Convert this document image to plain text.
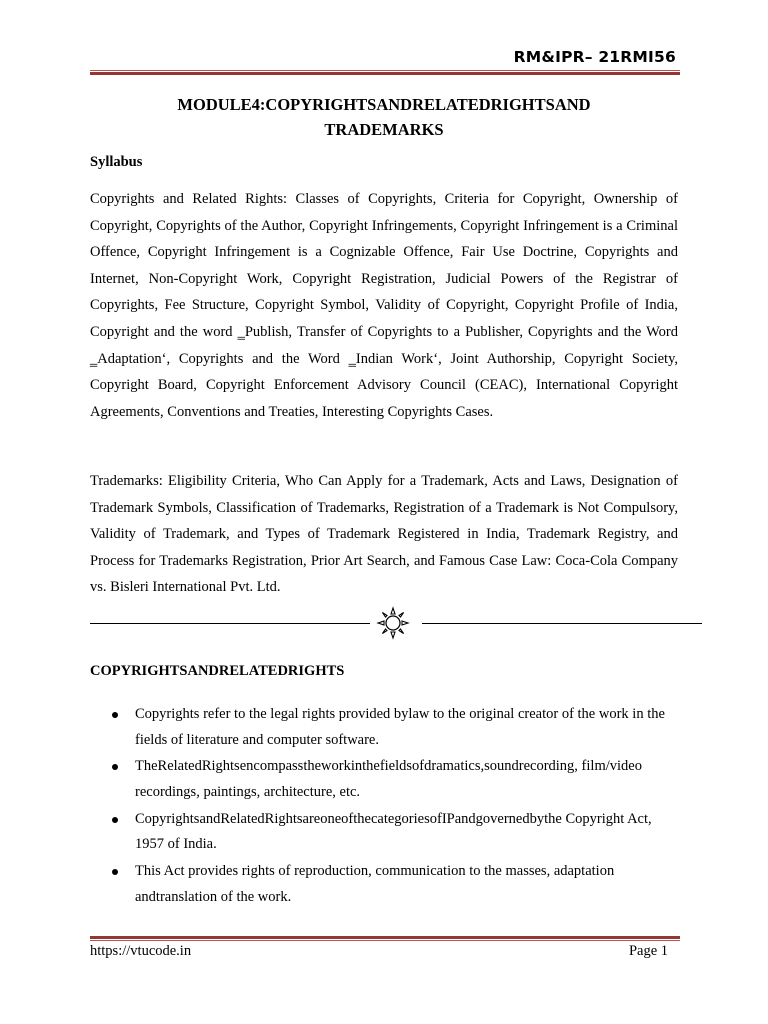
RM&IPR– 21RMI56
MODULE4:COPYRIGHTSANDRELATEDRIGHTSAND
TRADEMARKS
Syllabus
Copyrights and Related Rights: Classes of Copyrights, Criteria for Copyright, Ownership of Copyright, Copyrights of the Author, Copyright Infringements, Copyright Infringement is a Criminal Offence, Copyright Infringement is a Cognizable Offence, Fair Use Doctrine, Copyrights and Internet, Non-Copyright Work, Copyright Registration, Judicial Powers of the Registrar of Copyrights, Fee Structure, Copyright Symbol, Validity of Copyright, Copyright Profile of India, Copyright and the word ‗Publish, Transfer of Copyrights to a Publisher, Copyrights and the Word ‗Adaptation‘, Copyrights and the Word ‗Indian Work‘, Joint Authorship, Copyright Society, Copyright Board, Copyright Enforcement Advisory Council (CEAC), International Copyright Agreements, Conventions and Treaties, Interesting Copyrights Cases.
Trademarks: Eligibility Criteria, Who Can Apply for a Trademark, Acts and Laws, Designation of Trademark Symbols, Classification of Trademarks, Registration of a Trademark is Not Compulsory, Validity of Trademark, and Types of Trademark Registered in India, Trademark Registry, and Process for Trademarks Registration, Prior Art Search, and Famous Case Law: Coca-Cola Company vs. Bisleri International Pvt. Ltd.
COPYRIGHTSANDRELATEDRIGHTS
Copyrights refer to the legal rights provided bylaw to the original creator of the work in the fields of literature and computer software.
TheRelatedRightsencompasstheworkinthefieldsofdramatics,soundrecording, film/video recordings, paintings, architecture, etc.
CopyrightsandRelatedRightsareoneofthecategoriesofIPandgovernedbythe Copyright Act, 1957 of India.
This Act provides rights of reproduction, communication to the masses, adaptation andtranslation of the work.
https://vtucode.in	Page 1
